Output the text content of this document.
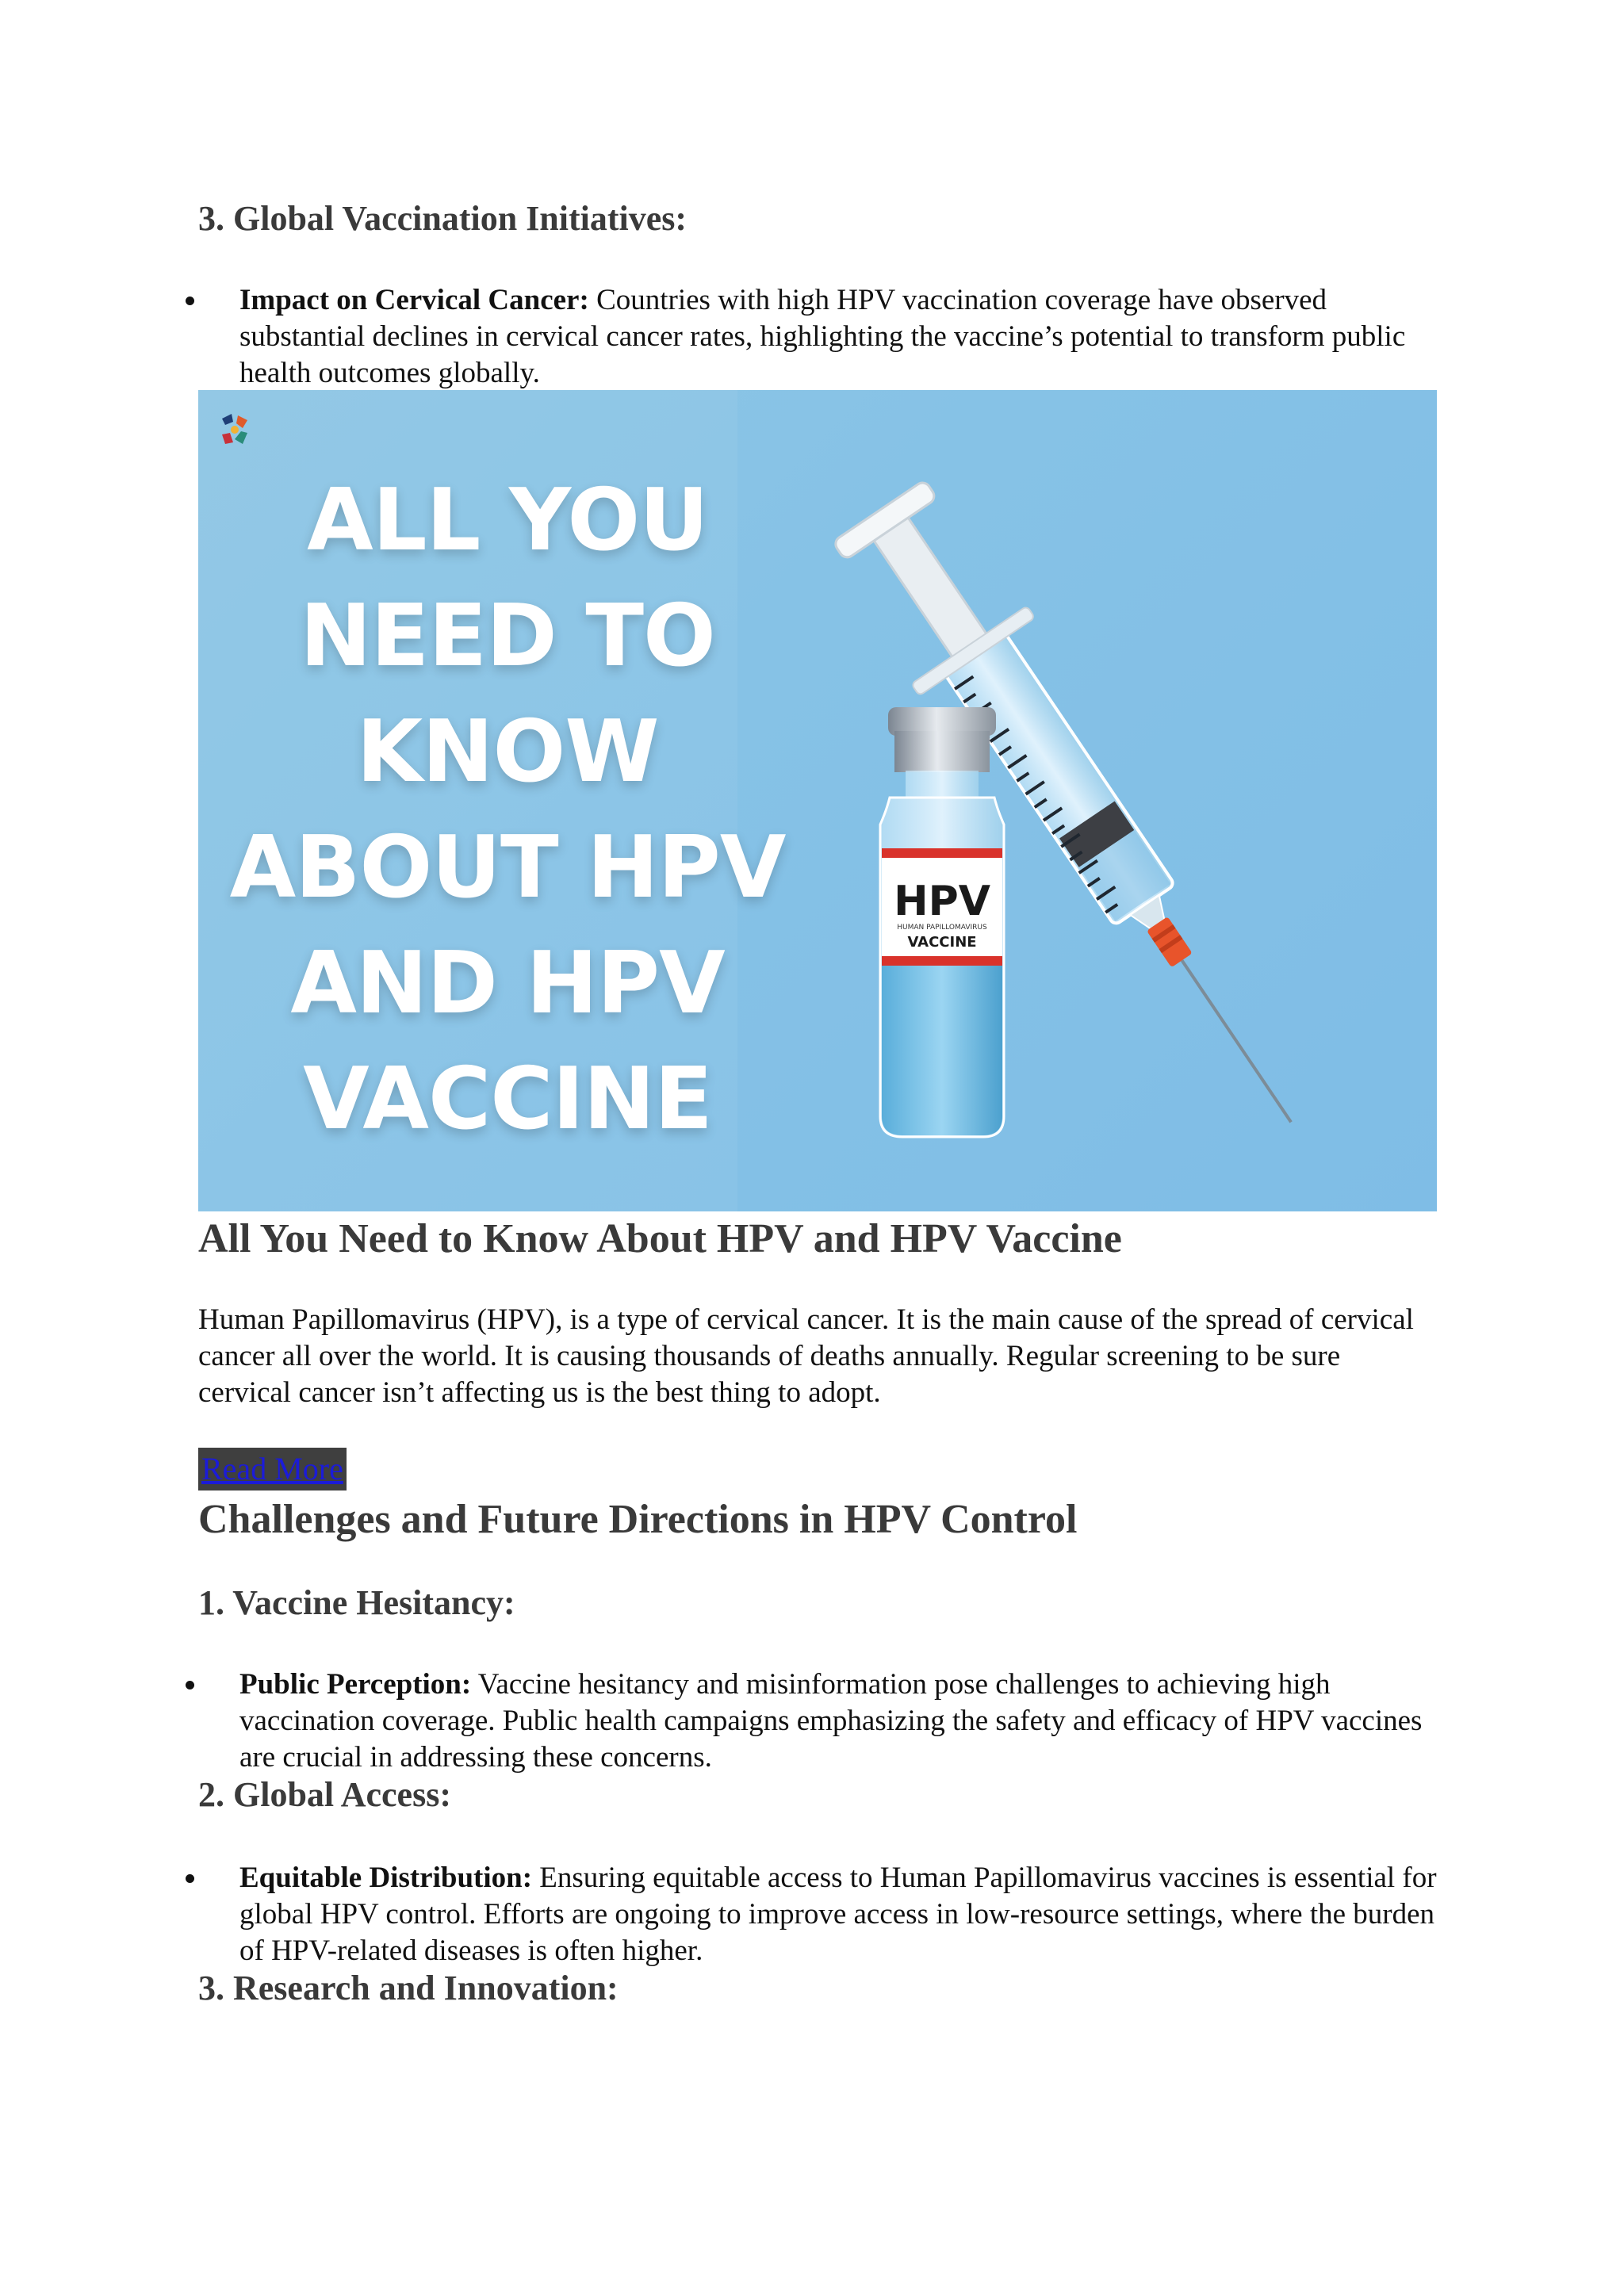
3. Global Vaccination Initiatives:
Impact on Cervical Cancer: Countries with high HPV vaccination coverage have observed substantial declines in cervical cancer rates, highlighting the vaccine’s potential to transform public health outcomes globally.
ALL YOU
NEED TO
KNOW
ABOUT HPV
AND HPV
VACCINE
HPV
HUMAN PAPILLOMAVIRUS
VACCINE
All You Need to Know About HPV and HPV Vaccine
Human Papillomavirus (HPV), is a type of cervical cancer. It is the main cause of the spread of cervical cancer all over the world. It is causing thousands of deaths annually. Regular screening to be sure cervical cancer isn’t affecting us is the best thing to adopt.
Read More
Challenges and Future Directions in HPV Control
1. Vaccine Hesitancy:
Public Perception: Vaccine hesitancy and misinformation pose challenges to achieving high vaccination coverage. Public health campaigns emphasizing the safety and efficacy of HPV vaccines are crucial in addressing these concerns.
2. Global Access:
Equitable Distribution: Ensuring equitable access to Human Papillomavirus vaccines is essential for global HPV control. Efforts are ongoing to improve access in low-resource settings, where the burden of HPV-related diseases is often higher.
3. Research and Innovation:
